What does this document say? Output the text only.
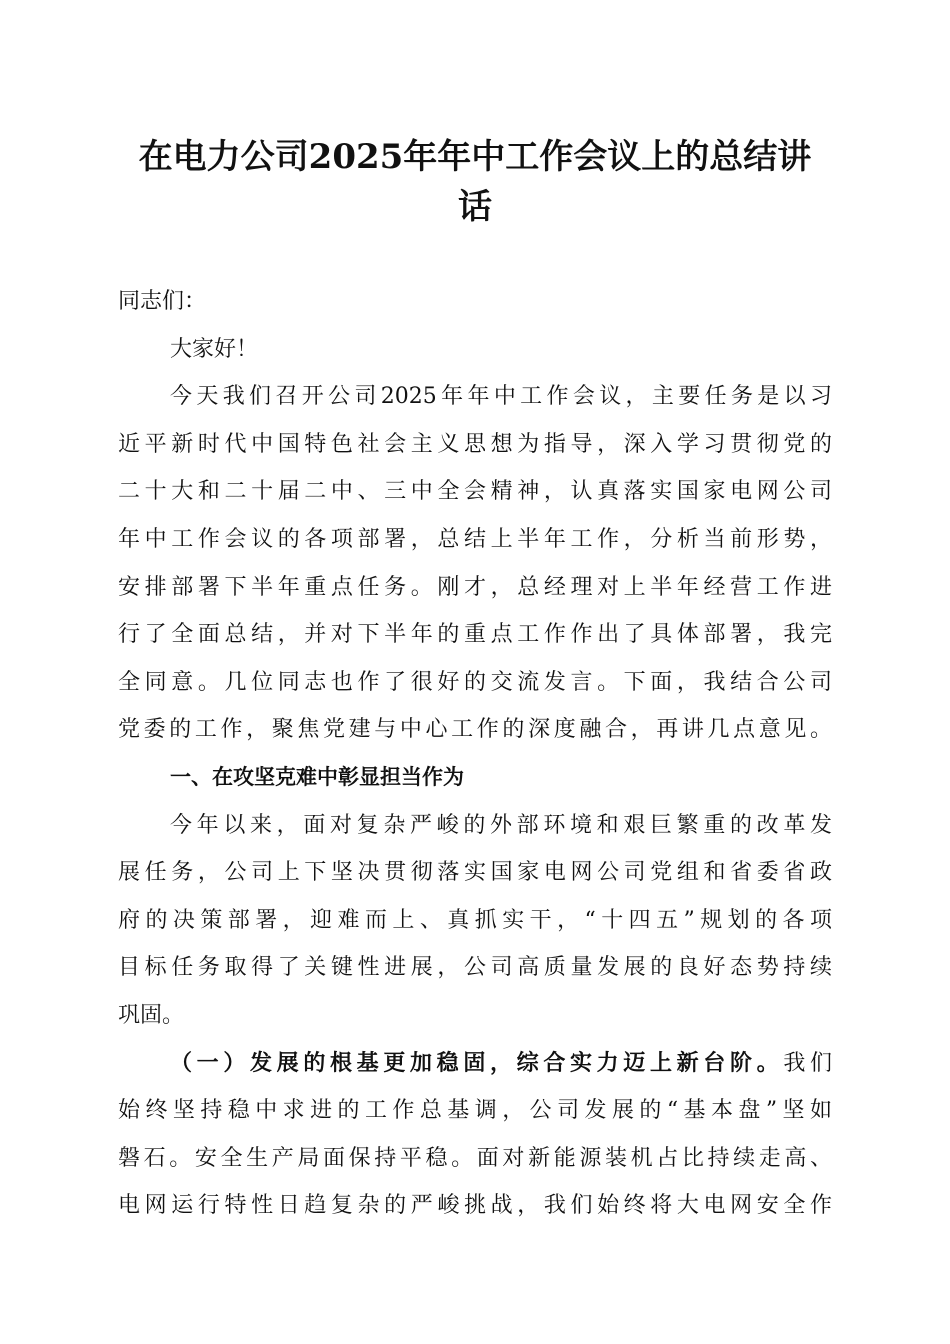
在电力公司2025年年中工作会议上的总结讲
话
同志们：
大家好！
今天我们召开公司2025年年中工作会议，主要任务是以习
近平新时代中国特色社会主义思想为指导，深入学习贯彻党的
二十大和二十届二中、三中全会精神，认真落实国家电网公司
年中工作会议的各项部署，总结上半年工作，分析当前形势，
安排部署下半年重点任务。刚才，总经理对上半年经营工作进
行了全面总结，并对下半年的重点工作作出了具体部署，我完
全同意。几位同志也作了很好的交流发言。下面，我结合公司
党委的工作，聚焦党建与中心工作的深度融合，再讲几点意见。
一、在攻坚克难中彰显担当作为
今年以来，面对复杂严峻的外部环境和艰巨繁重的改革发
展任务，公司上下坚决贯彻落实国家电网公司党组和省委省政
府的决策部署，迎难而上、真抓实干，“十四五”规划的各项
目标任务取得了关键性进展，公司高质量发展的良好态势持续
巩固。
（一）发展的根基更加稳固，综合实力迈上新台阶。我们
始终坚持稳中求进的工作总基调，公司发展的“基本盘”坚如
磐石。安全生产局面保持平稳。面对新能源装机占比持续走高、
电网运行特性日趋复杂的严峻挑战，我们始终将大电网安全作
